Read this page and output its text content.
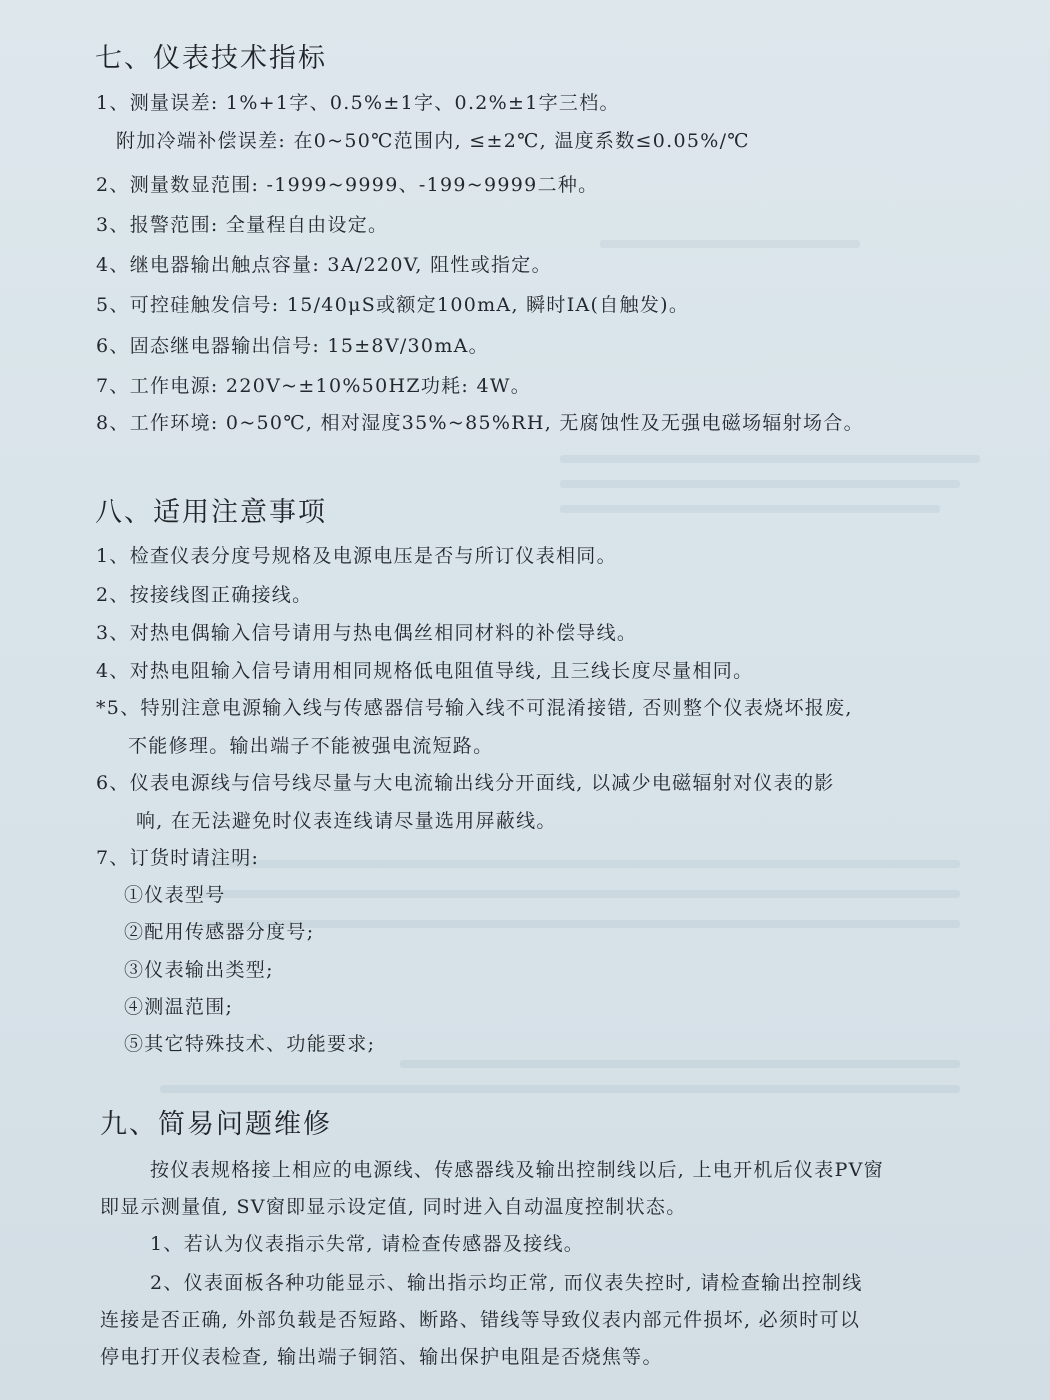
七、仪表技术指标
1、测量误差: 1%+1字、0.5%±1字、0.2%±1字三档。
附加冷端补偿误差: 在0~50℃范围内, ≤±2℃, 温度系数≤0.05%/℃
2、测量数显范围: -1999~9999、-199~9999二种。
3、报警范围: 全量程自由设定。
4、继电器输出触点容量: 3A/220V, 阻性或指定。
5、可控硅触发信号: 15/40μS或额定100mA, 瞬时IA(自触发)。
6、固态继电器输出信号: 15±8V/30mA。
7、工作电源: 220V~±10%50HZ功耗: 4W。
8、工作环境: 0~50℃, 相对湿度35%~85%RH, 无腐蚀性及无强电磁场辐射场合。
八、适用注意事项
1、检查仪表分度号规格及电源电压是否与所订仪表相同。
2、按接线图正确接线。
3、对热电偶输入信号请用与热电偶丝相同材料的补偿导线。
4、对热电阻输入信号请用相同规格低电阻值导线, 且三线长度尽量相同。
*5、特别注意电源输入线与传感器信号输入线不可混淆接错, 否则整个仪表烧坏报废,
不能修理。输出端子不能被强电流短路。
6、仪表电源线与信号线尽量与大电流输出线分开面线, 以减少电磁辐射对仪表的影
响, 在无法避免时仪表连线请尽量选用屏蔽线。
7、订货时请注明:
①仪表型号
②配用传感器分度号;
③仪表输出类型;
④测温范围;
⑤其它特殊技术、功能要求;
九、简易问题维修
按仪表规格接上相应的电源线、传感器线及输出控制线以后, 上电开机后仪表PV窗
即显示测量值, SV窗即显示设定值, 同时进入自动温度控制状态。
1、若认为仪表指示失常, 请检查传感器及接线。
2、仪表面板各种功能显示、输出指示均正常, 而仪表失控时, 请检查输出控制线
连接是否正确, 外部负载是否短路、断路、错线等导致仪表内部元件损坏, 必须时可以
停电打开仪表检查, 输出端子铜箔、输出保护电阻是否烧焦等。
